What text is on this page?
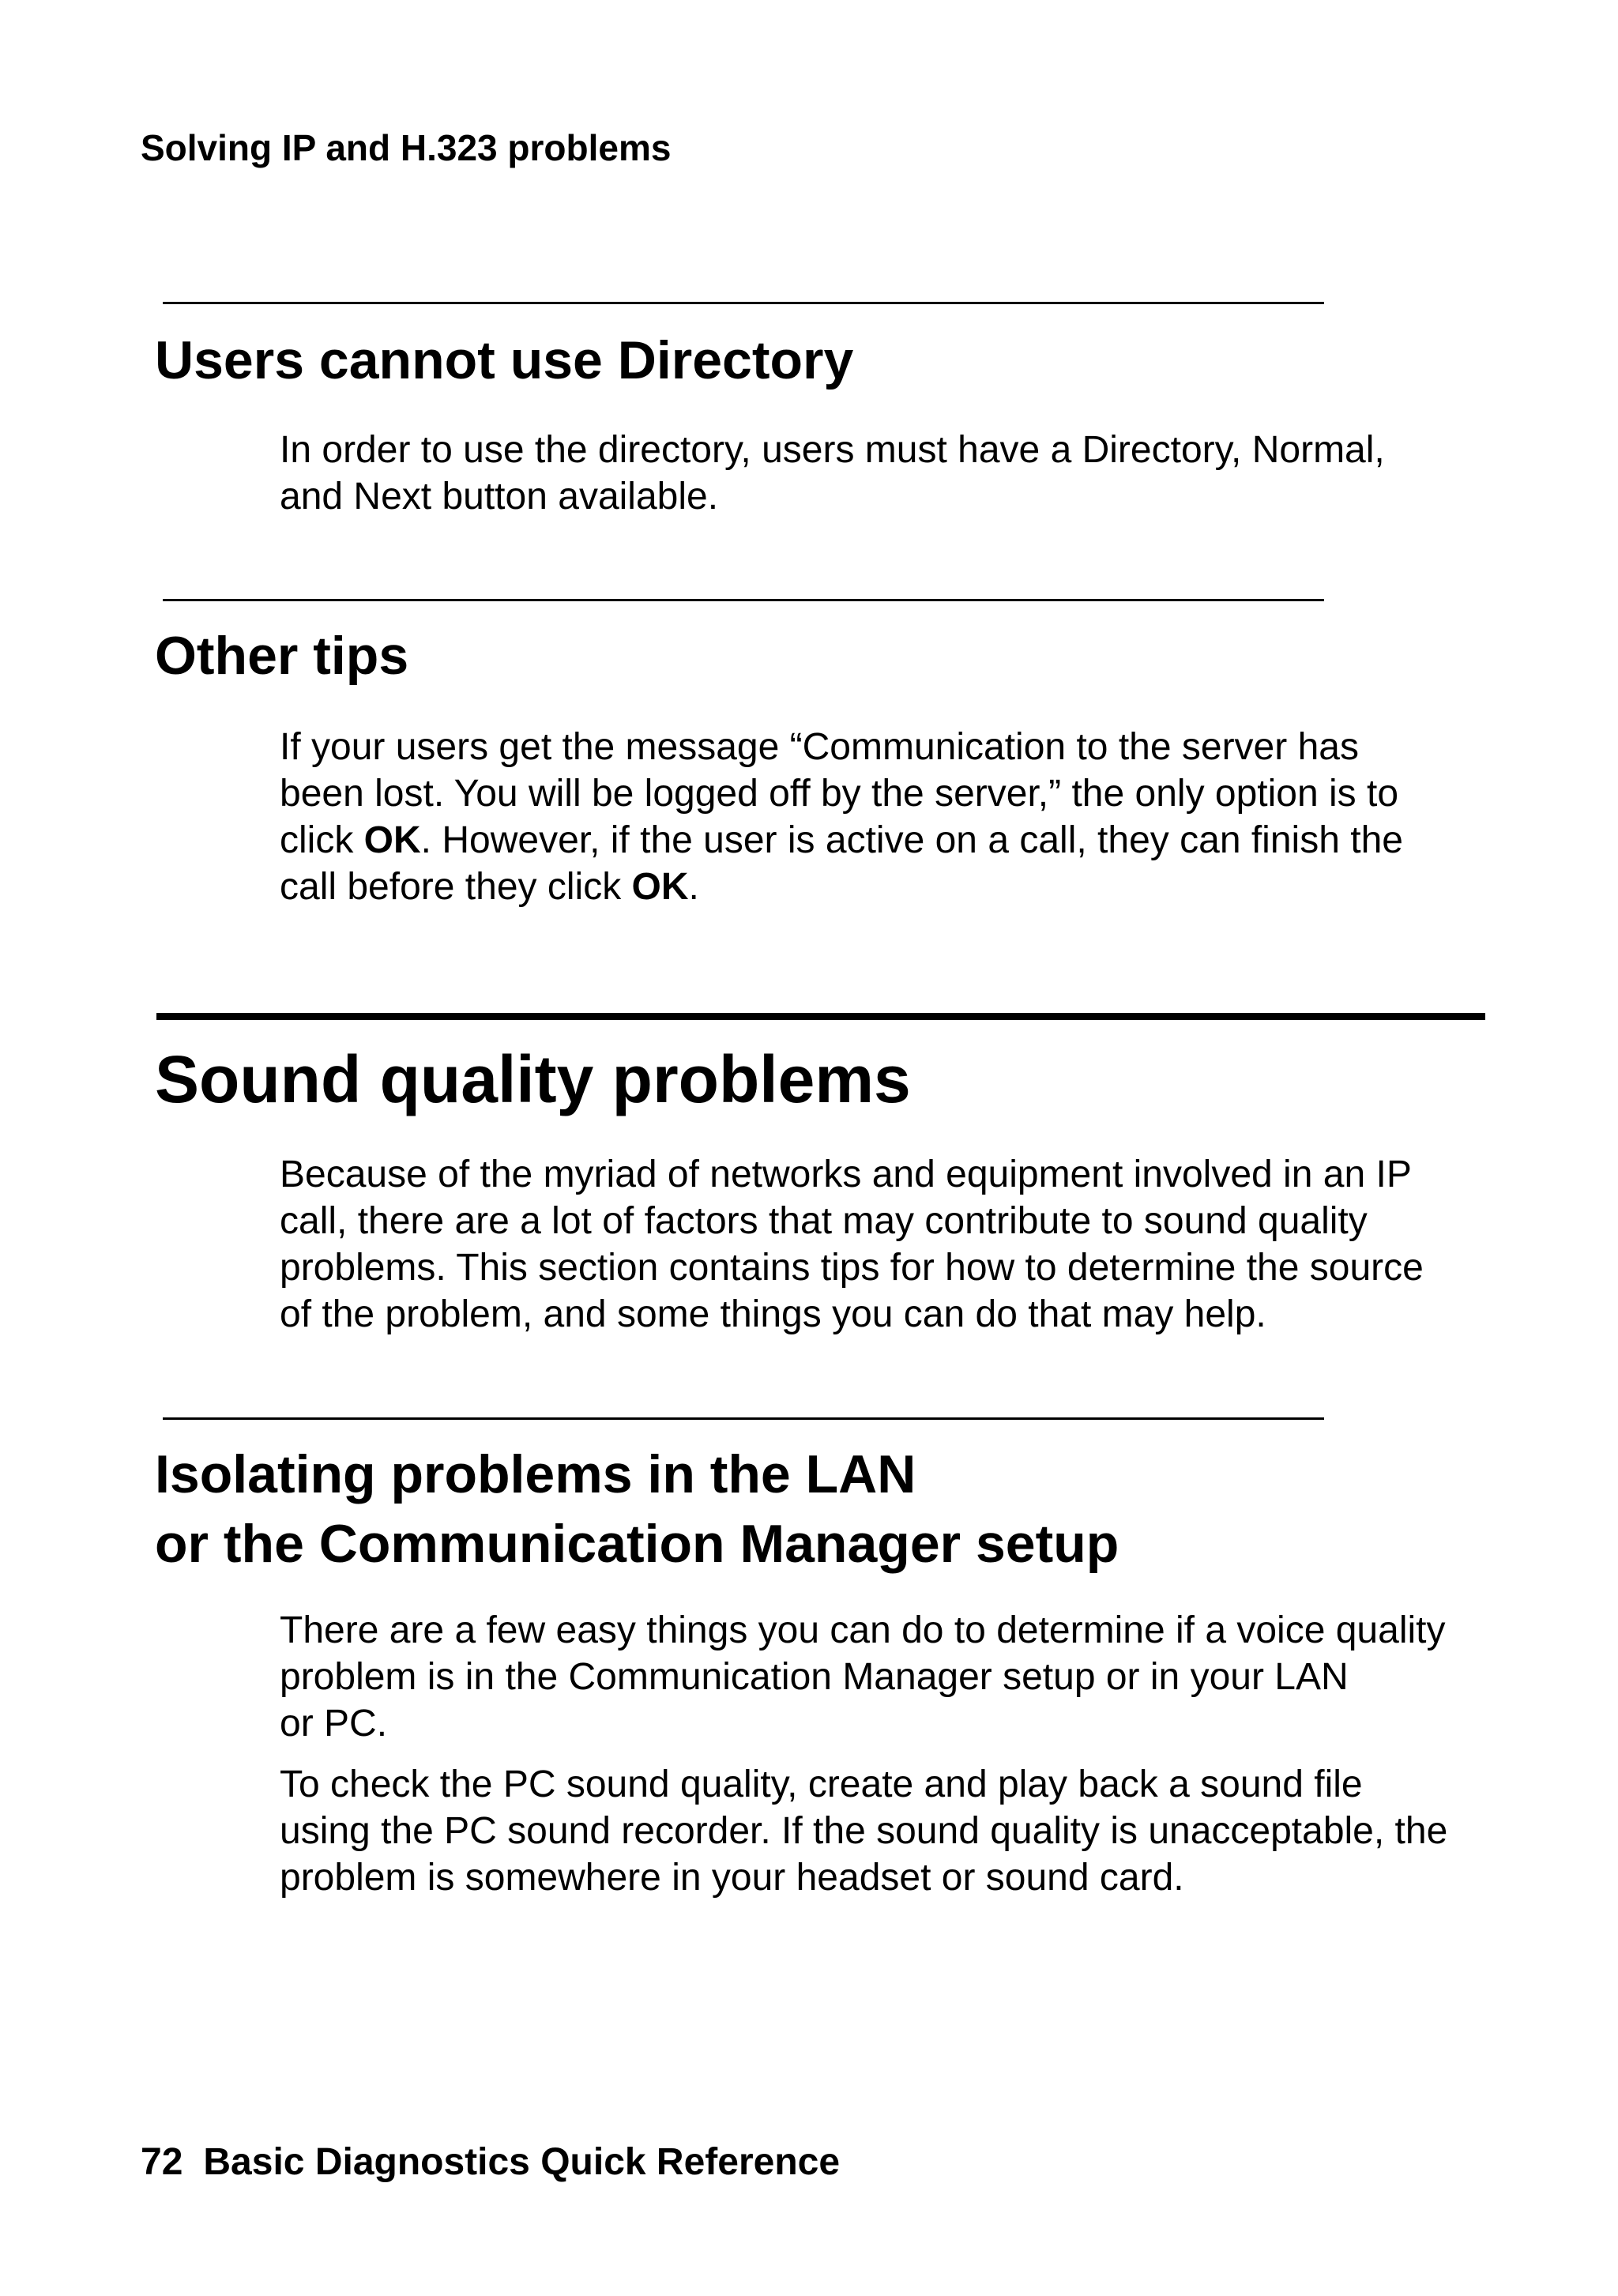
Solving IP and H.323 problems
Users cannot use Directory

In order to use the directory, users must have a Directory, Normal,
and Next button available.

Other tips

If your users get the message “Communication to the server has
been lost. You will be logged off by the server,” the only option is to
click OK. However, if the user is active on a call, they can finish the
call before they click OK.

Sound quality problems

Because of the myriad of networks and equipment involved in an IP
call, there are a lot of factors that may contribute to sound quality
problems. This section contains tips for how to determine the source
of the problem, and some things you can do that may help.

Isolating problems in the LAN
or the Communication Manager setup

There are a few easy things you can do to determine if a voice quality
problem is in the Communication Manager setup or in your LAN
or PC.

To check the PC sound quality, create and play back a sound file
using the PC sound recorder. If the sound quality is unacceptable, the
problem is somewhere in your headset or sound card.

72 Basic Diagnostics Quick Reference
